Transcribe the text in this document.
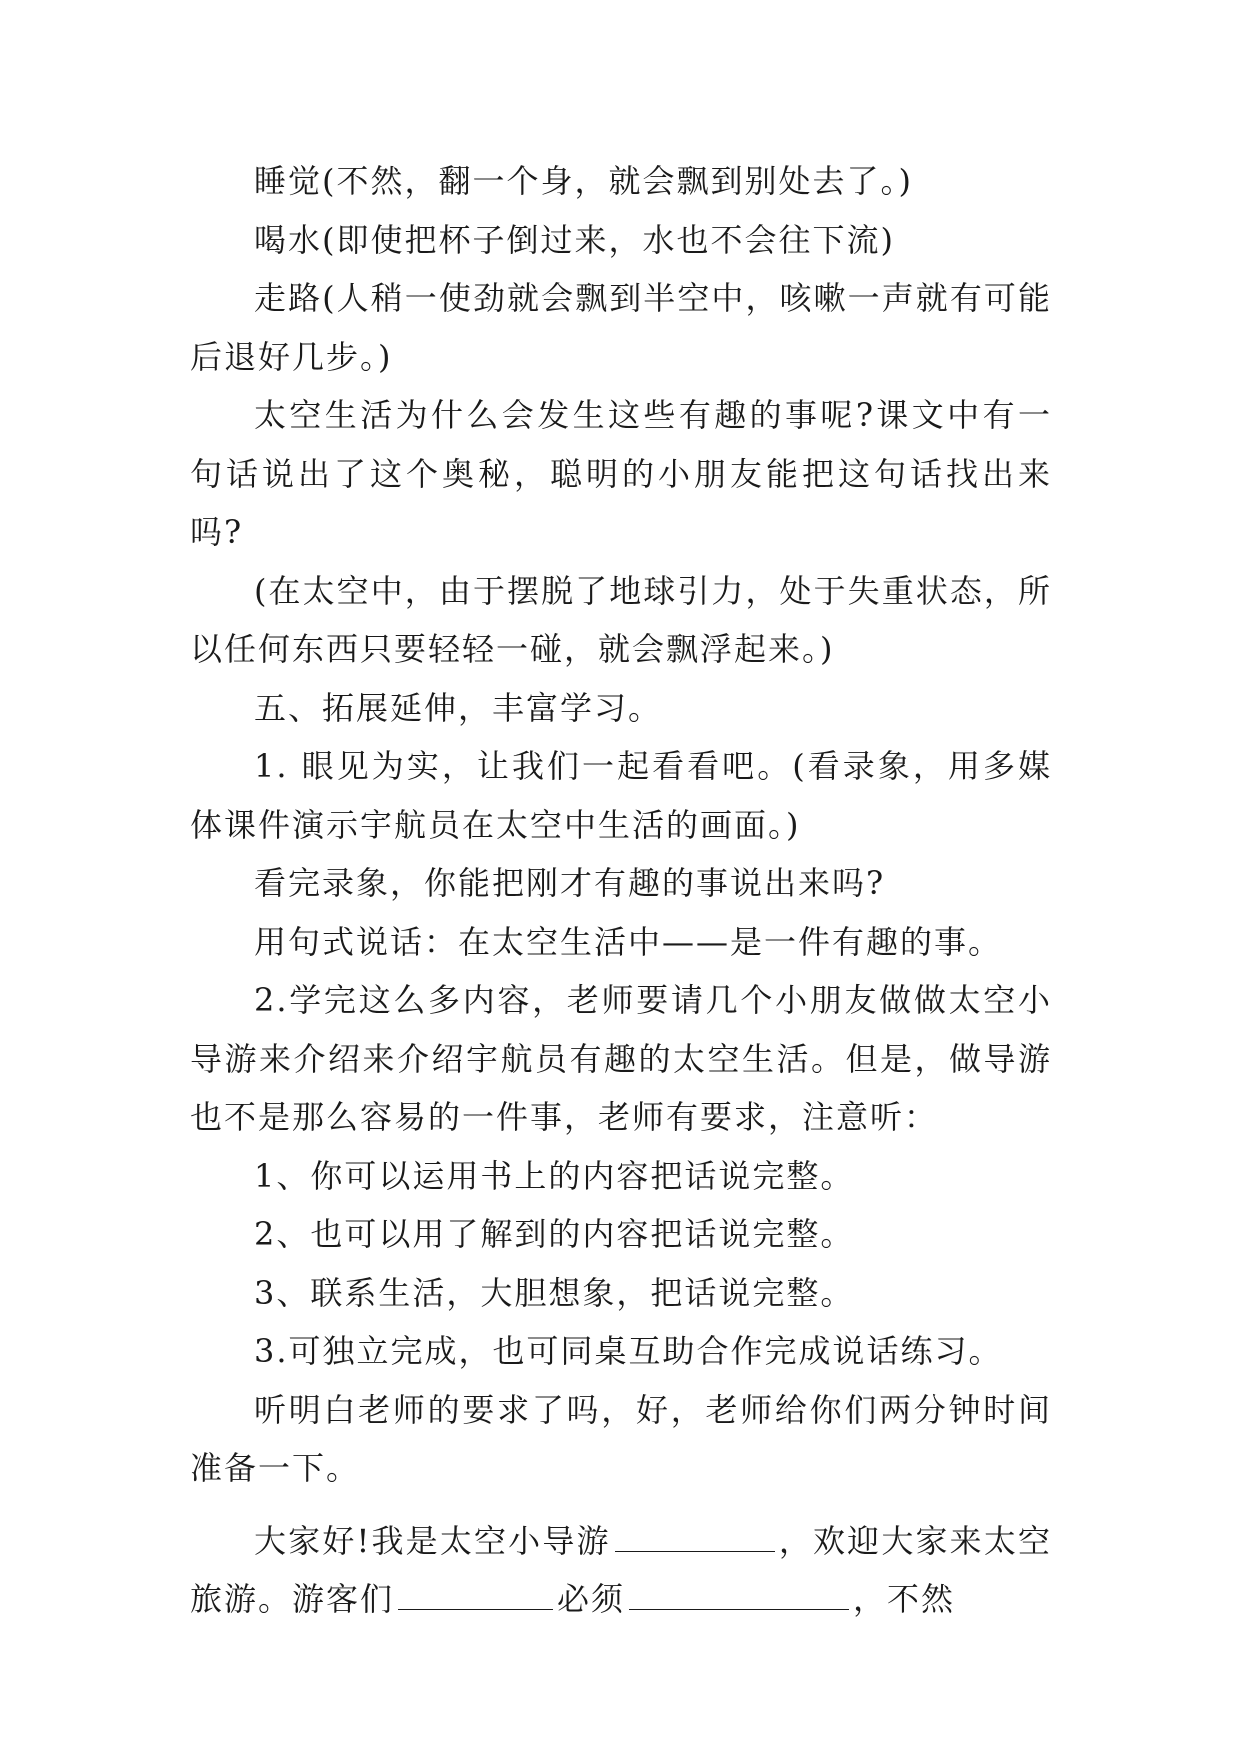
睡觉(不然，翻一个身，就会飘到别处去了。)

喝水(即使把杯子倒过来，水也不会往下流)

走路(人稍一使劲就会飘到半空中，咳嗽一声就有可能后退好几步。)

太空生活为什么会发生这些有趣的事呢?课文中有一句话说出了这个奥秘，聪明的小朋友能把这句话找出来吗?

(在太空中，由于摆脱了地球引力，处于失重状态，所以任何东西只要轻轻一碰，就会飘浮起来。)

五、拓展延伸，丰富学习。

1. 眼见为实，让我们一起看看吧。(看录象，用多媒体课件演示宇航员在太空中生活的画面。)

看完录象，你能把刚才有趣的事说出来吗?

用句式说话：在太空生活中——是一件有趣的事。

2.学完这么多内容，老师要请几个小朋友做做太空小导游来介绍来介绍宇航员有趣的太空生活。但是，做导游也不是那么容易的一件事，老师有要求，注意听：

1、你可以运用书上的内容把话说完整。

2、也可以用了解到的内容把话说完整。

3、联系生活，大胆想象，把话说完整。

3.可独立完成，也可同桌互助合作完成说话练习。

听明白老师的要求了吗，好，老师给你们两分钟时间准备一下。

大家好!我是太空小导游	，欢迎大家来太空旅游。游客们	必须	，不然
